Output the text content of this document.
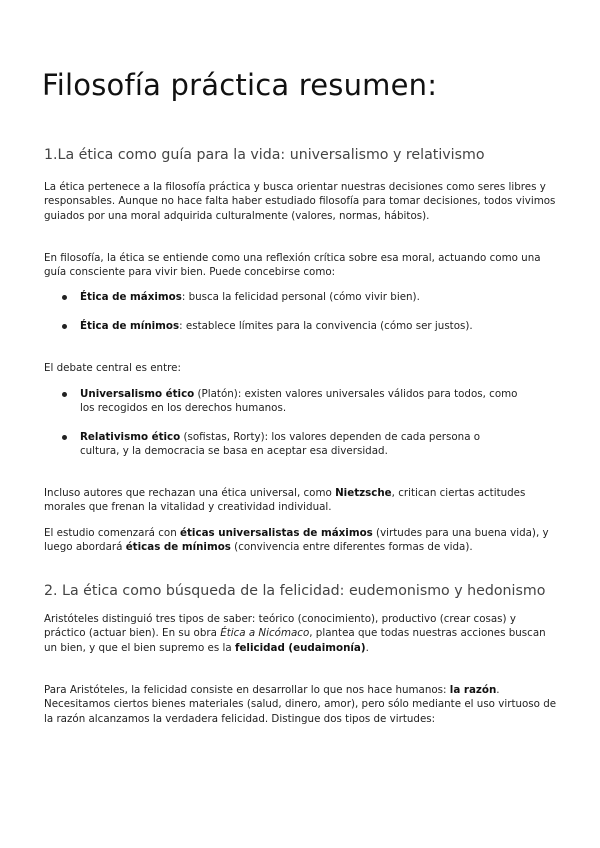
Filosofía práctica resumen:
1.La ética como guía para la vida: universalismo y relativismo

La ética pertenece a la filosofía práctica y busca orientar nuestras decisiones como seres libres y responsables. Aunque no hace falta haber estudiado filosofía para tomar decisiones, todos vivimos guiados por una moral adquirida culturalmente (valores, normas, hábitos).

En filosofía, la ética se entiende como una reflexión crítica sobre esa moral, actuando como una guía consciente para vivir bien. Puede concebirse como:

Ética de máximos: busca la felicidad personal (cómo vivir bien).

Ética de mínimos: establece límites para la convivencia (cómo ser justos).

El debate central es entre:

Universalismo ético (Platón): existen valores universales válidos para todos, como los recogidos en los derechos humanos.

Relativismo ético (sofistas, Rorty): los valores dependen de cada persona o cultura, y la democracia se basa en aceptar esa diversidad.

Incluso autores que rechazan una ética universal, como Nietzsche, critican ciertas actitudes morales que frenan la vitalidad y creatividad individual.

El estudio comenzará con éticas universalistas de máximos (virtudes para una buena vida), y luego abordará éticas de mínimos (convivencia entre diferentes formas de vida).

2. La ética como búsqueda de la felicidad: eudemonismo y hedonismo

Aristóteles distinguió tres tipos de saber: teórico (conocimiento), productivo (crear cosas) y práctico (actuar bien). En su obra Ética a Nicómaco, plantea que todas nuestras acciones buscan un bien, y que el bien supremo es la felicidad (eudaimonía).

Para Aristóteles, la felicidad consiste en desarrollar lo que nos hace humanos: la razón. Necesitamos ciertos bienes materiales (salud, dinero, amor), pero sólo mediante el uso virtuoso de la razón alcanzamos la verdadera felicidad. Distingue dos tipos de virtudes:
